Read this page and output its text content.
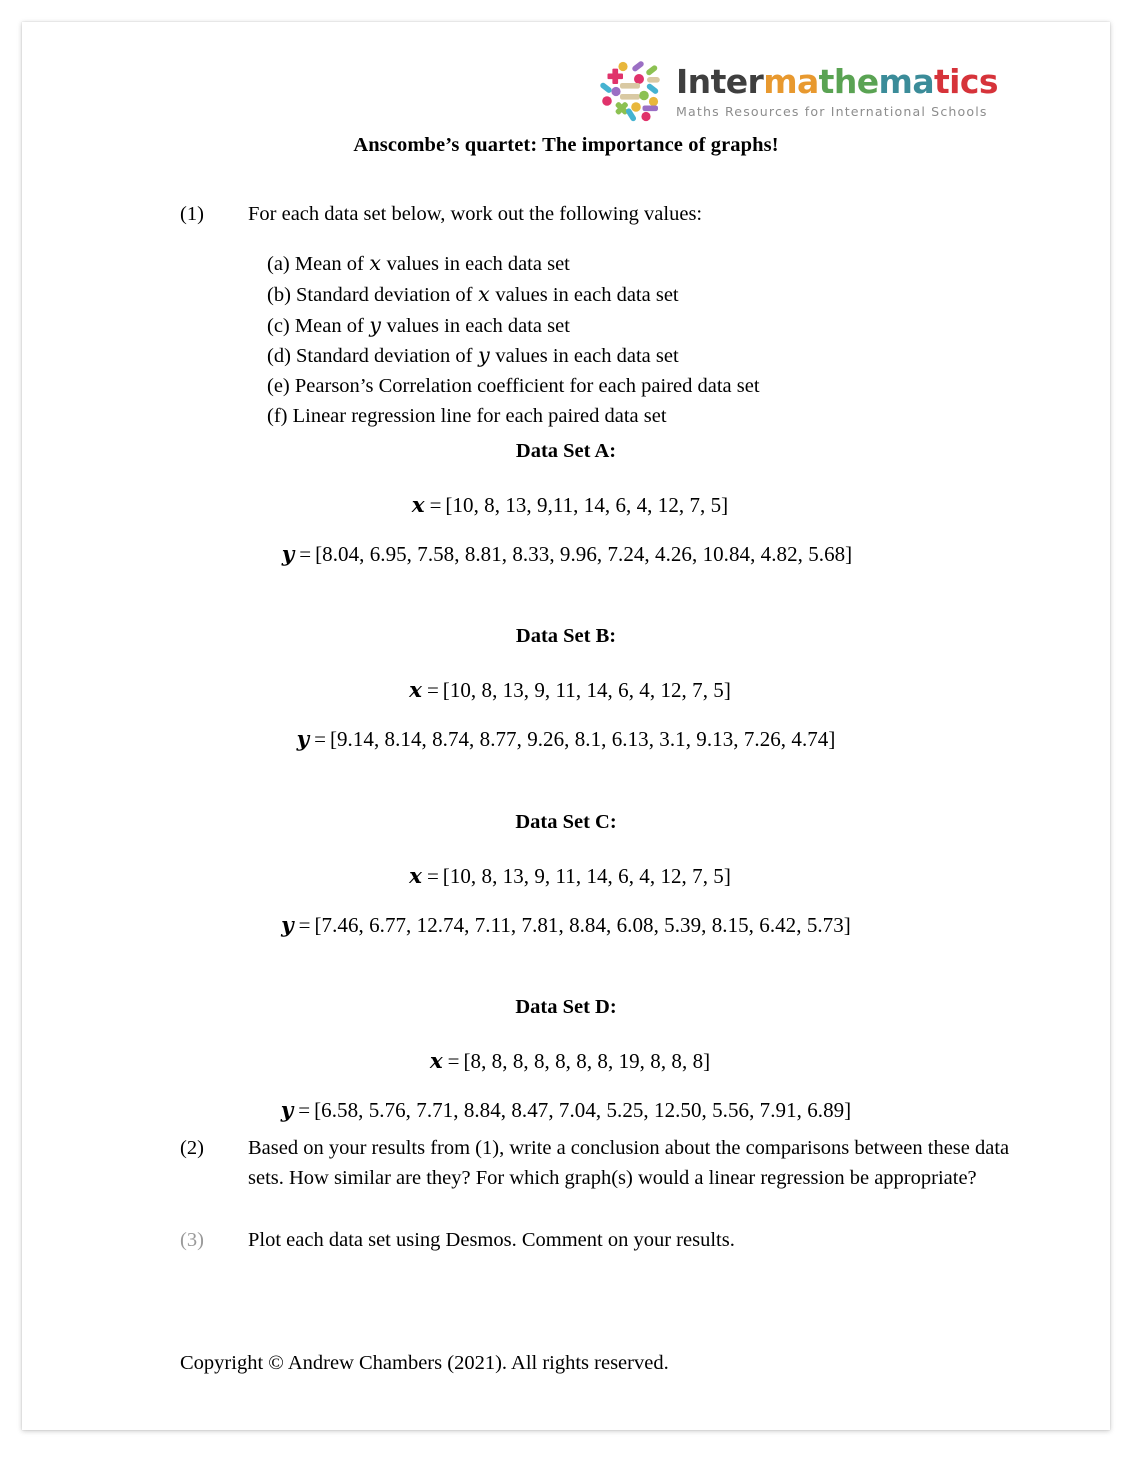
Intermathematics
Maths Resources for International Schools
Anscombe’s quartet: The importance of graphs!
(1)	For each data set below, work out the following values:
(a) Mean of x values in each data set
(b) Standard deviation of x values in each data set
(c) Mean of y values in each data set
(d) Standard deviation of y values in each data set
(e) Pearson’s Correlation coefficient for each paired data set
(f) Linear regression line for each paired data set
Data Set A:
x = [10, 8, 13, 9,11, 14, 6, 4, 12, 7, 5]
y = [8.04, 6.95, 7.58, 8.81, 8.33, 9.96, 7.24, 4.26, 10.84, 4.82, 5.68]
Data Set B:
x = [10, 8, 13, 9, 11, 14, 6, 4, 12, 7, 5]
y = [9.14, 8.14, 8.74, 8.77, 9.26, 8.1, 6.13, 3.1, 9.13, 7.26, 4.74]
Data Set C:
x = [10, 8, 13, 9, 11, 14, 6, 4, 12, 7, 5]
y = [7.46, 6.77, 12.74, 7.11, 7.81, 8.84, 6.08, 5.39, 8.15, 6.42, 5.73]
Data Set D:
x = [8, 8, 8, 8, 8, 8, 8, 19, 8, 8, 8]
y = [6.58, 5.76, 7.71, 8.84, 8.47, 7.04, 5.25, 12.50, 5.56, 7.91, 6.89]
(2)	Based on your results from (1), write a conclusion about the comparisons between these data sets. How similar are they? For which graph(s) would a linear regression be appropriate?
(3)	Plot each data set using Desmos. Comment on your results.
Copyright © Andrew Chambers (2021). All rights reserved.
